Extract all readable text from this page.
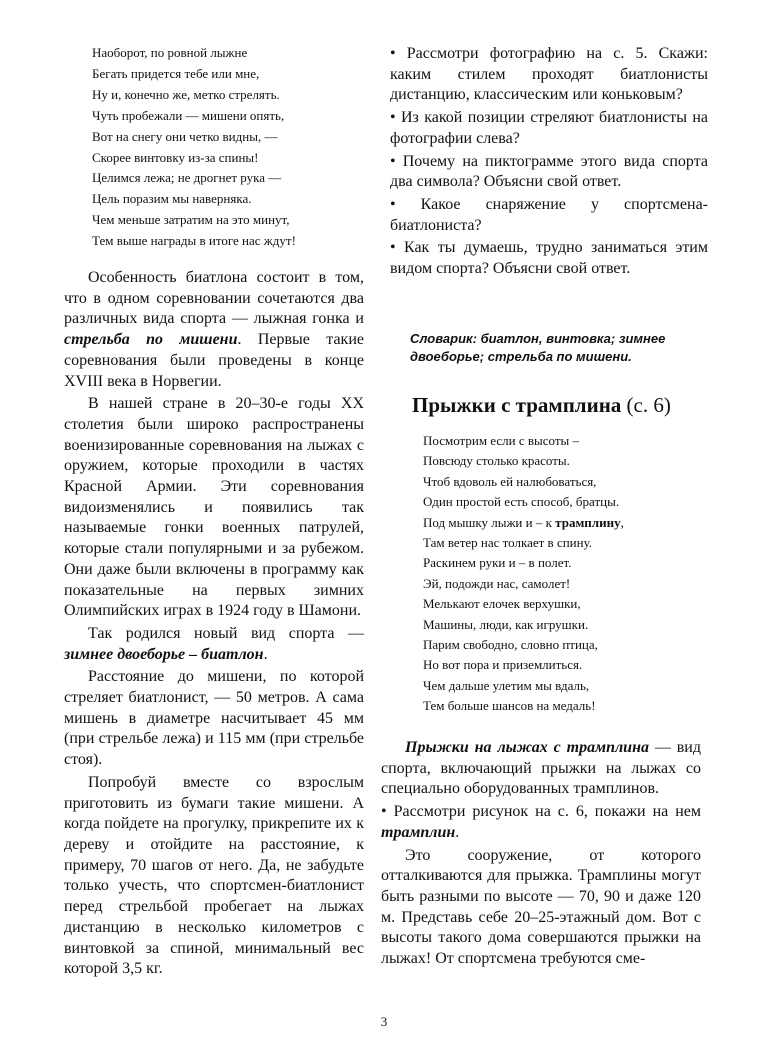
Наоборот, по ровной лыжне
Бегать придется тебе или мне,
Ну и, конечно же, метко стрелять.
Чуть пробежали — мишени опять,
Вот на снегу они четко видны, —
Скорее винтовку из-за спины!
Целимся лежа; не дрогнет рука —
Цель поразим мы наверняка.
Чем меньше затратим на это минут,
Тем выше награды в итоге нас ждут!

Особенность биатлона состоит в том, что в одном соревновании сочетаются два различных вида спорта — лыжная гонка и стрельба по мишени. Первые такие соревнования были проведены в конце XVIII века в Норвегии.

В нашей стране в 20–30-е годы XX столетия были широко распространены военизированные соревнования на лыжах с оружием, которые проходили в частях Красной Армии. Эти соревнования видоизменялись и появились так называемые гонки военных патрулей, которые стали популярными и за рубежом. Они даже были включены в программу как показательные на первых зимних Олимпийских играх в 1924 году в Шамони.

Так родился новый вид спорта — зимнее двоеборье – биатлон.

Расстояние до мишени, по которой стреляет биатлонист, — 50 метров. А сама мишень в диаметре насчитывает 45 мм (при стрельбе лежа) и 115 мм (при стрельбе стоя).

Попробуй вместе со взрослым приготовить из бумаги такие мишени. А когда пойдете на прогулку, прикрепите их к дереву и отойдите на расстояние, к примеру, 70 шагов от него. Да, не забудьте только учесть, что спортсмен-биатлонист перед стрельбой пробегает на лыжах дистанцию в несколько километров с винтовкой за спиной, минимальный вес которой 3,5 кг.

• Рассмотри фотографию на с. 5. Скажи: каким стилем проходят биатлонисты дистанцию, классическим или коньковым?

• Из какой позиции стреляют биатлонисты на фотографии слева?

• Почему на пиктограмме этого вида спорта два символа? Объясни свой ответ.

• Какое снаряжение у спортсмена-биатлониста?

• Как ты думаешь, трудно заниматься этим видом спорта? Объясни свой ответ.

Словарик: биатлон, винтовка; зимнее двоеборье; стрельба по мишени.
Прыжки с трамплина (с. 6)
Посмотрим если с высоты –
Повсюду столько красоты.
Чтоб вдоволь ей налюбоваться,
Один простой есть способ, братцы.
Под мышку лыжи и – к трамплину,
Там ветер нас толкает в спину.
Раскинем руки и – в полет.
Эй, подожди нас, самолет!
Мелькают елочек верхушки,
Машины, люди, как игрушки.
Парим свободно, словно птица,
Но вот пора и приземлиться.
Чем дальше улетим мы вдаль,
Тем больше шансов на медаль!

Прыжки на лыжах с трамплина — вид спорта, включающий прыжки на лыжах со специально оборудованных трамплинов.

• Рассмотри рисунок на с. 6, покажи на нем трамплин.

Это сооружение, от которого отталкиваются для прыжка. Трамплины могут быть разными по высоте — 70, 90 и даже 120 м. Представь себе 20–25-этажный дом. Вот с высоты такого дома совершаются прыжки на лыжах! От спортсмена требуются сме-

3
